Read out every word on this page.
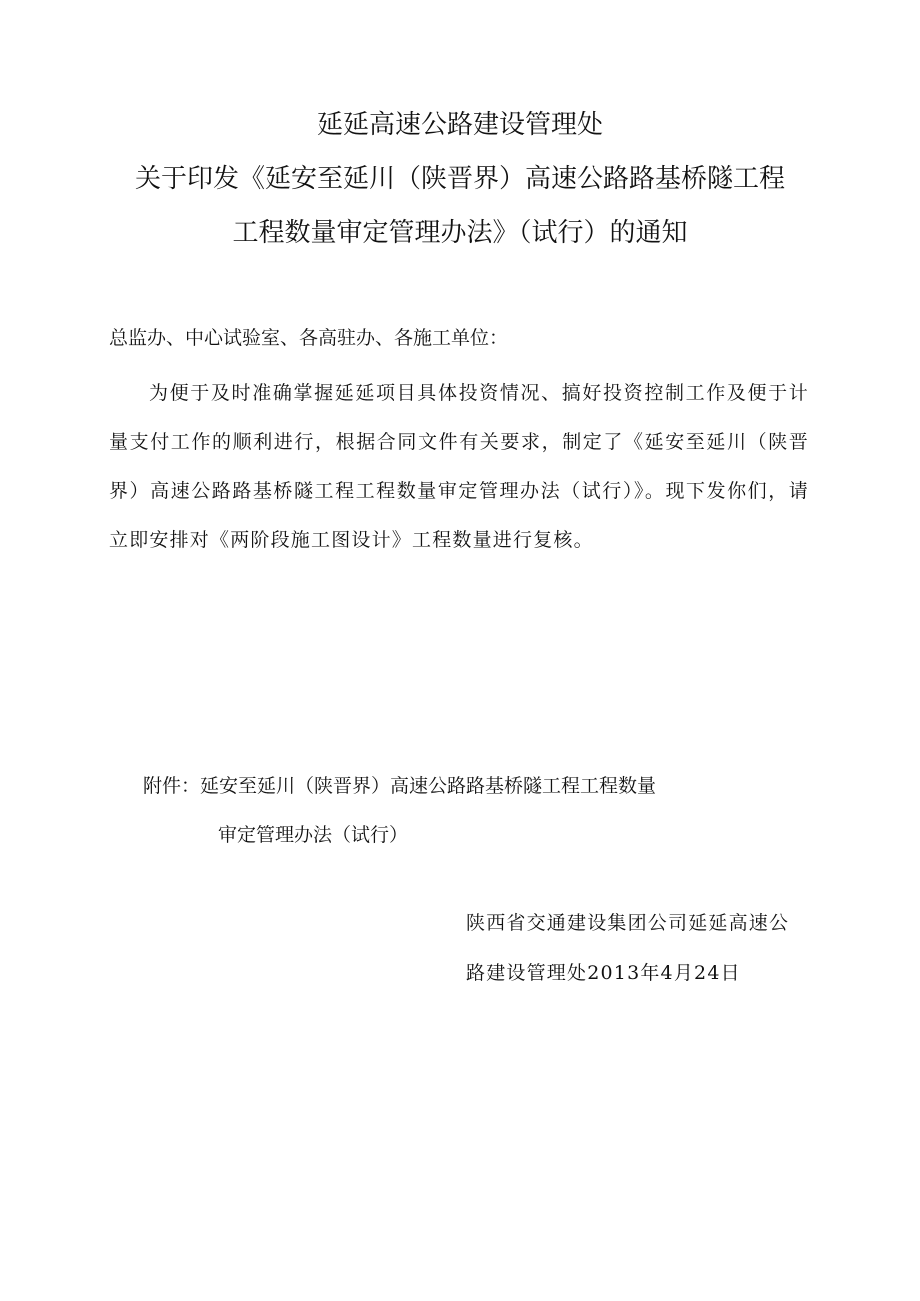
延延高速公路建设管理处
关于印发《延安至延川（陕晋界）高速公路路基桥隧工程
工程数量审定管理办法》（试行）的通知
总监办、中心试验室、各高驻办、各施工单位：
为便于及时准确掌握延延项目具体投资情况、搞好投资控制工作及便于计量支付工作的顺利进行，根据合同文件有关要求，制定了《延安至延川（陕晋界）高速公路路基桥隧工程工程数量审定管理办法（试行）》。现下发你们，请立即安排对《两阶段施工图设计》工程数量进行复核。
附件：延安至延川（陕晋界）高速公路路基桥隧工程工程数量
审定管理办法（试行）
陕西省交通建设集团公司延延高速公路建设管理处2013年4月24日
